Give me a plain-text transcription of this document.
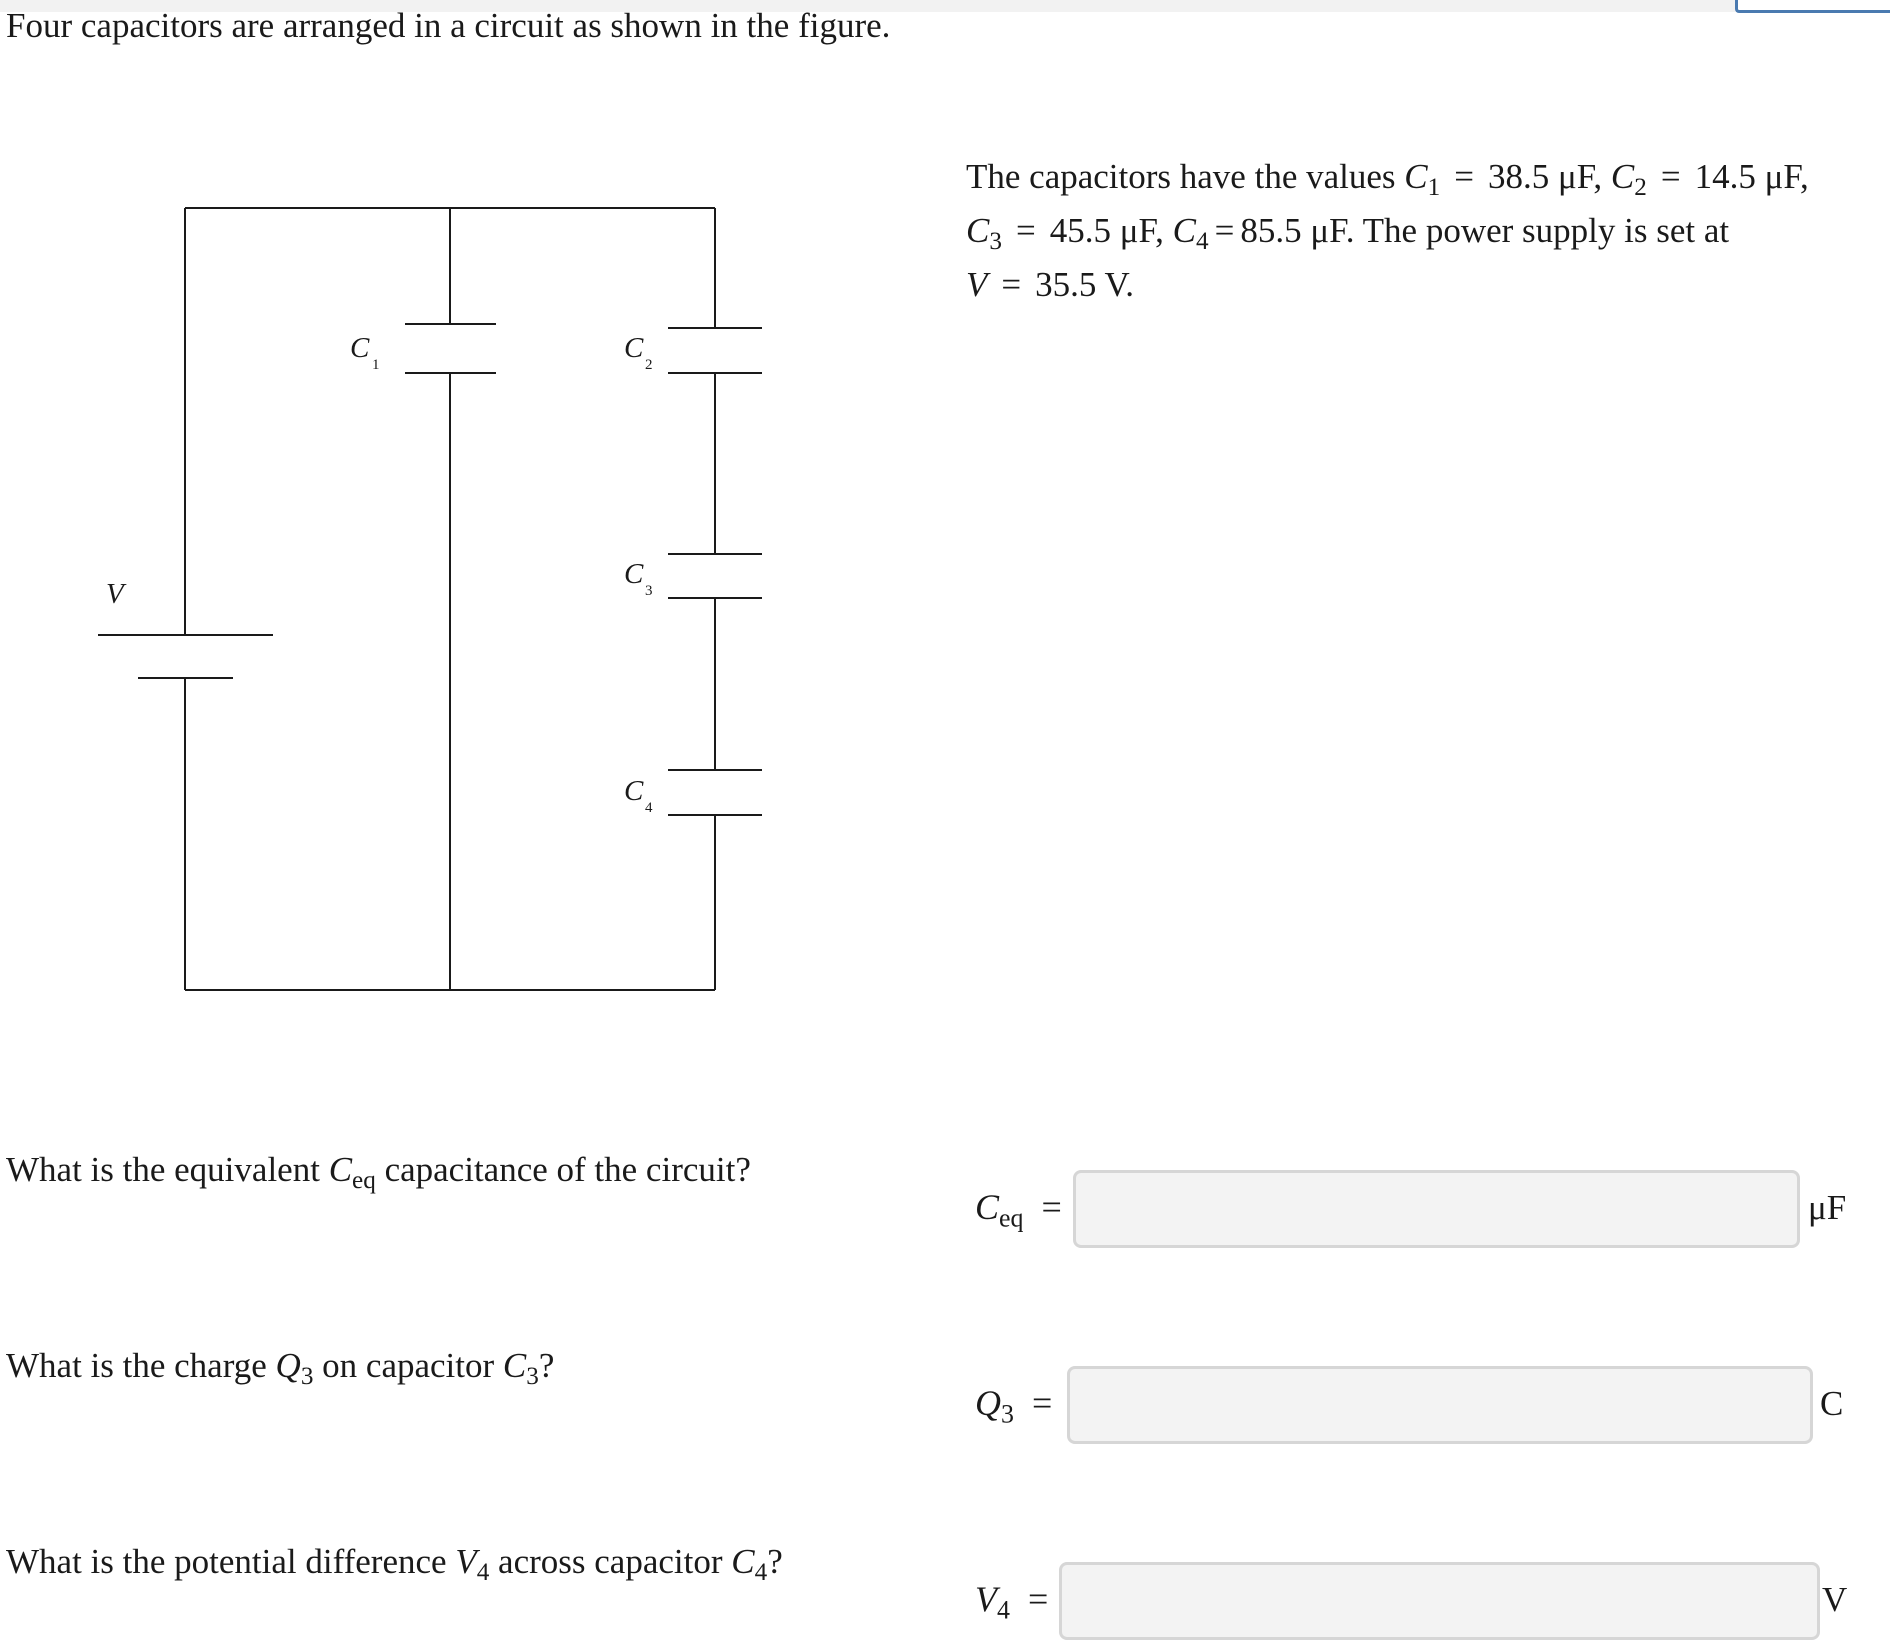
Four capacitors are arranged in a circuit as shown in the figure.
The capacitors have the values $C_1 = 38.5$ μF, $C_2 = 14.5$ μF,
$C_3 = 45.5$ μF, $C_4 = 85.5$ μF. The power supply is set at
V = 35.5 V.
V
C
1
C
2
C
3
C
4
What is the equivalent $C_{eq}$ capacitance of the circuit?
$C_{eq}$ =	μF
What is the charge $Q_3$ on capacitor $C_3$?
$Q_3$ =	C
What is the potential difference $V_4$ across capacitor $C_4$?
$V_4$ =	V
